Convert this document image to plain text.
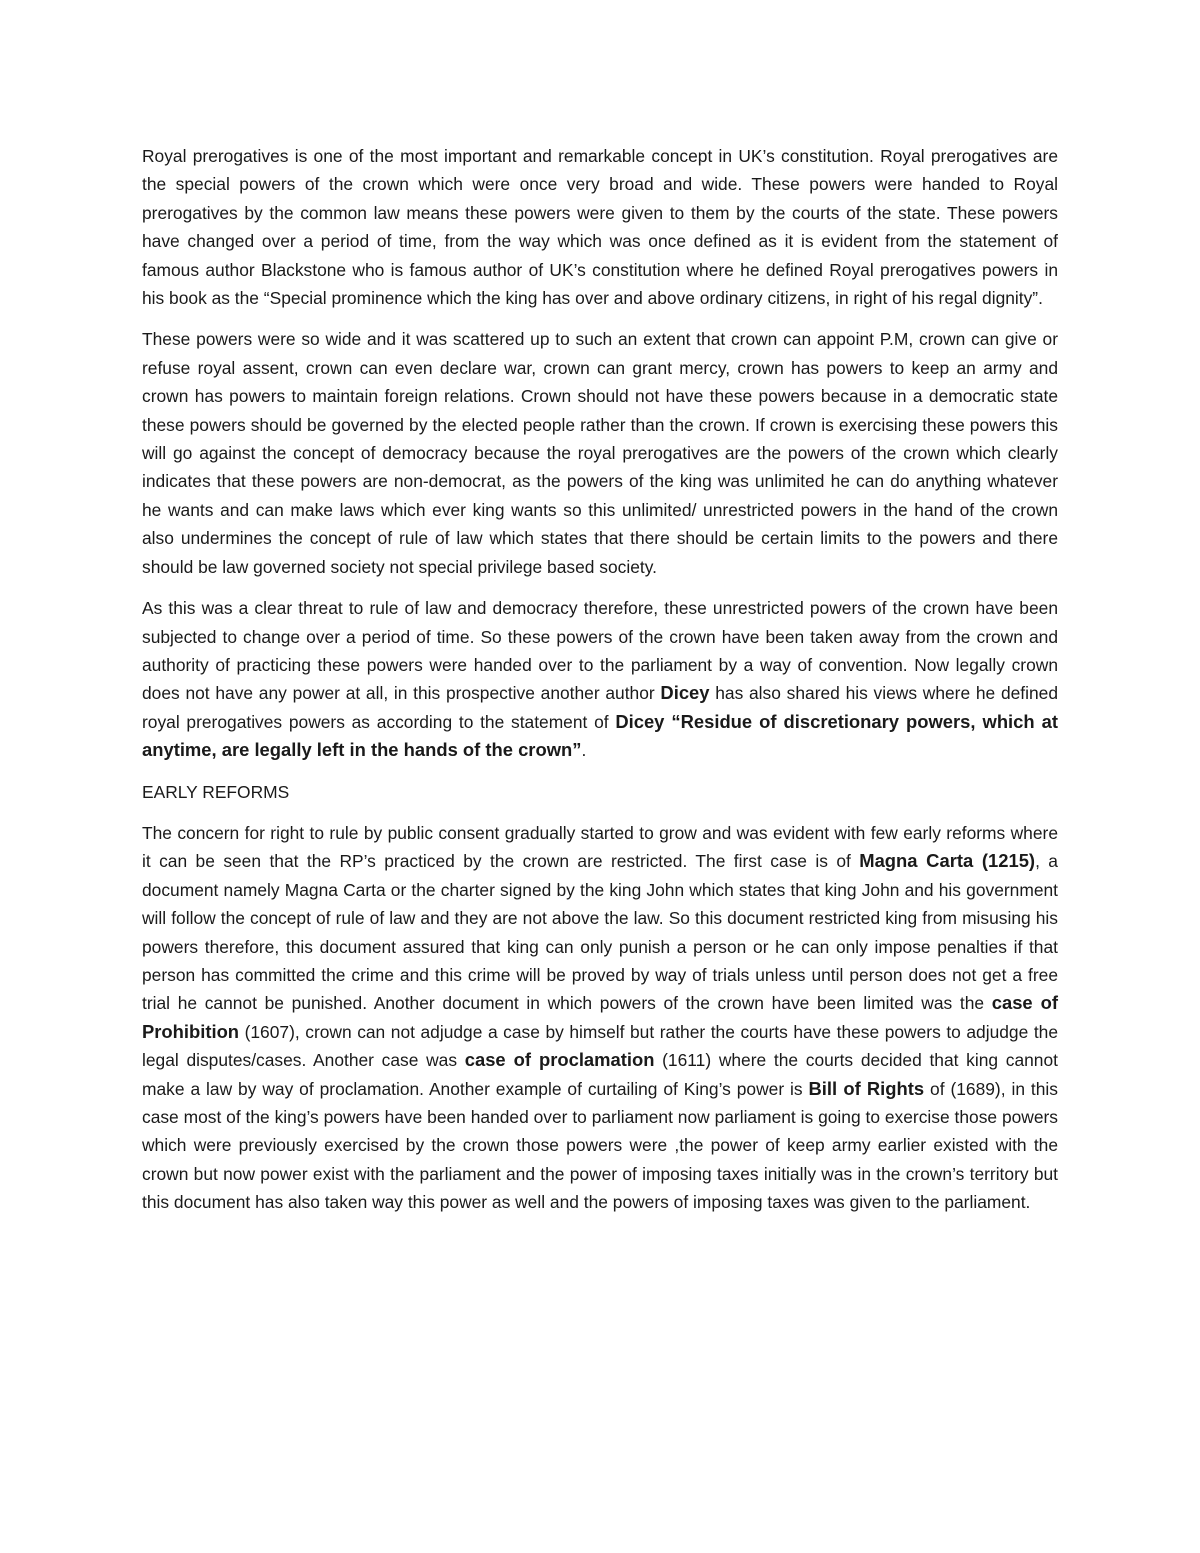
Royal prerogatives is one of the most important and remarkable concept in UK’s constitution. Royal prerogatives are the special powers of the crown which were once very broad and wide. These powers were handed to Royal prerogatives by the common law means these powers were given to them by the courts of the state. These powers have changed over a period of time, from the way which was once defined as it is evident from the statement of famous author Blackstone who is famous author of UK’s constitution where he defined Royal prerogatives powers in his book as the “Special prominence which the king has over and above ordinary citizens, in right of his regal dignity”.

These powers were so wide and it was scattered up to such an extent that crown can appoint P.M, crown can give or refuse royal assent, crown can even declare war, crown can grant mercy, crown has powers to keep an army and crown has powers to maintain foreign relations. Crown should not have these powers because in a democratic state these powers should be governed by the elected people rather than the crown. If crown is exercising these powers this will go against the concept of democracy because the royal prerogatives are the powers of the crown which clearly indicates that these powers are non-democrat, as the powers of the king was unlimited he can do anything whatever he wants and can make laws which ever king wants so this unlimited/ unrestricted powers in the hand of the crown also undermines the concept of rule of law which states that there should be certain limits to the powers and there should be law governed society not special privilege based society.

As this was a clear threat to rule of law and democracy therefore, these unrestricted powers of the crown have been subjected to change over a period of time. So these powers of the crown have been taken away from the crown and authority of practicing these powers were handed over to the parliament by a way of convention. Now legally crown does not have any power at all, in this prospective another author Dicey has also shared his views where he defined royal prerogatives powers as according to the statement of Dicey “Residue of discretionary powers, which at anytime, are legally left in the hands of the crown”.

EARLY REFORMS

The concern for right to rule by public consent gradually started to grow and was evident with few early reforms where it can be seen that the RP’s practiced by the crown are restricted. The first case is of Magna Carta (1215), a document namely Magna Carta or the charter signed by the king John which states that king John and his government will follow the concept of rule of law and they are not above the law. So this document restricted king from misusing his powers therefore, this document assured that king can only punish a person or he can only impose penalties if that person has committed the crime and this crime will be proved by way of trials unless until person does not get a free trial he cannot be punished. Another document in which powers of the crown have been limited was the case of Prohibition (1607), crown can not adjudge a case by himself but rather the courts have these powers to adjudge the legal disputes/cases. Another case was case of proclamation (1611) where the courts decided that king cannot make a law by way of proclamation. Another example of curtailing of King’s power is Bill of Rights of (1689), in this case most of the king’s powers have been handed over to parliament now parliament is going to exercise those powers which were previously exercised by the crown those powers were ,the power of keep army earlier existed with the crown but now power exist with the parliament and the power of imposing taxes initially was in the crown’s territory but this document has also taken way this power as well and the powers of imposing taxes was given to the parliament.
